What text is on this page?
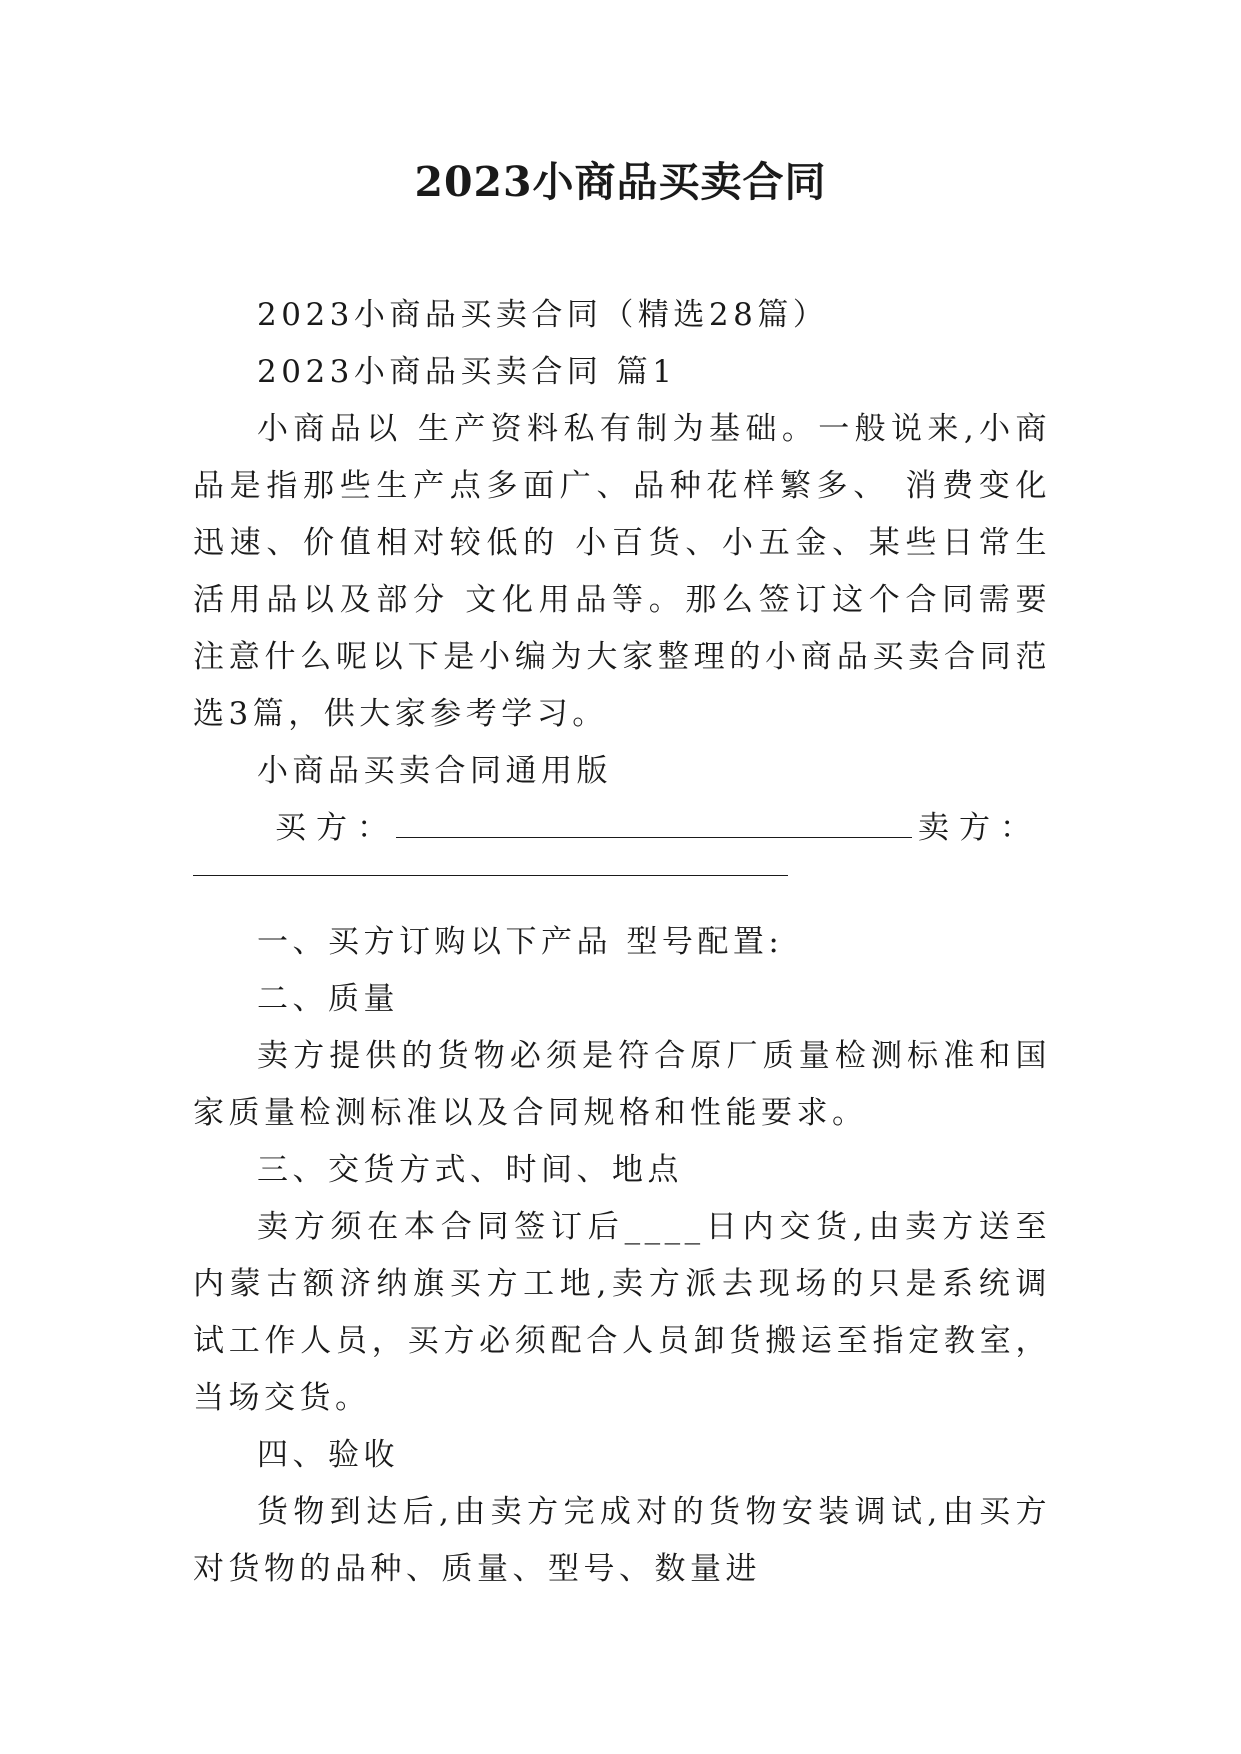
2023小商品买卖合同

2023小商品买卖合同（精选28篇）

2023小商品买卖合同 篇1

小商品以 生产资料私有制为基础。一般说来,小商品是指那些生产点多面广、品种花样繁多、 消费变化迅速、价值相对较低的 小百货、小五金、某些日常生活用品以及部分 文化用品等。那么签订这个合同需要注意什么呢以下是小编为大家整理的小商品买卖合同范选3篇，供大家参考学习。

小商品买卖合同通用版

买方：	卖方：

一、买方订购以下产品 型号配置:

二、质量

卖方提供的货物必须是符合原厂质量检测标准和国家质量检测标准以及合同规格和性能要求。

三、交货方式、时间、地点

卖方须在本合同签订后____日内交货,由卖方送至内蒙古额济纳旗买方工地,卖方派去现场的只是系统调试工作人员，买方必须配合人员卸货搬运至指定教室，当场交货。

四、验收

货物到达后,由卖方完成对的货物安装调试,由买方对货物的品种、质量、型号、数量进
